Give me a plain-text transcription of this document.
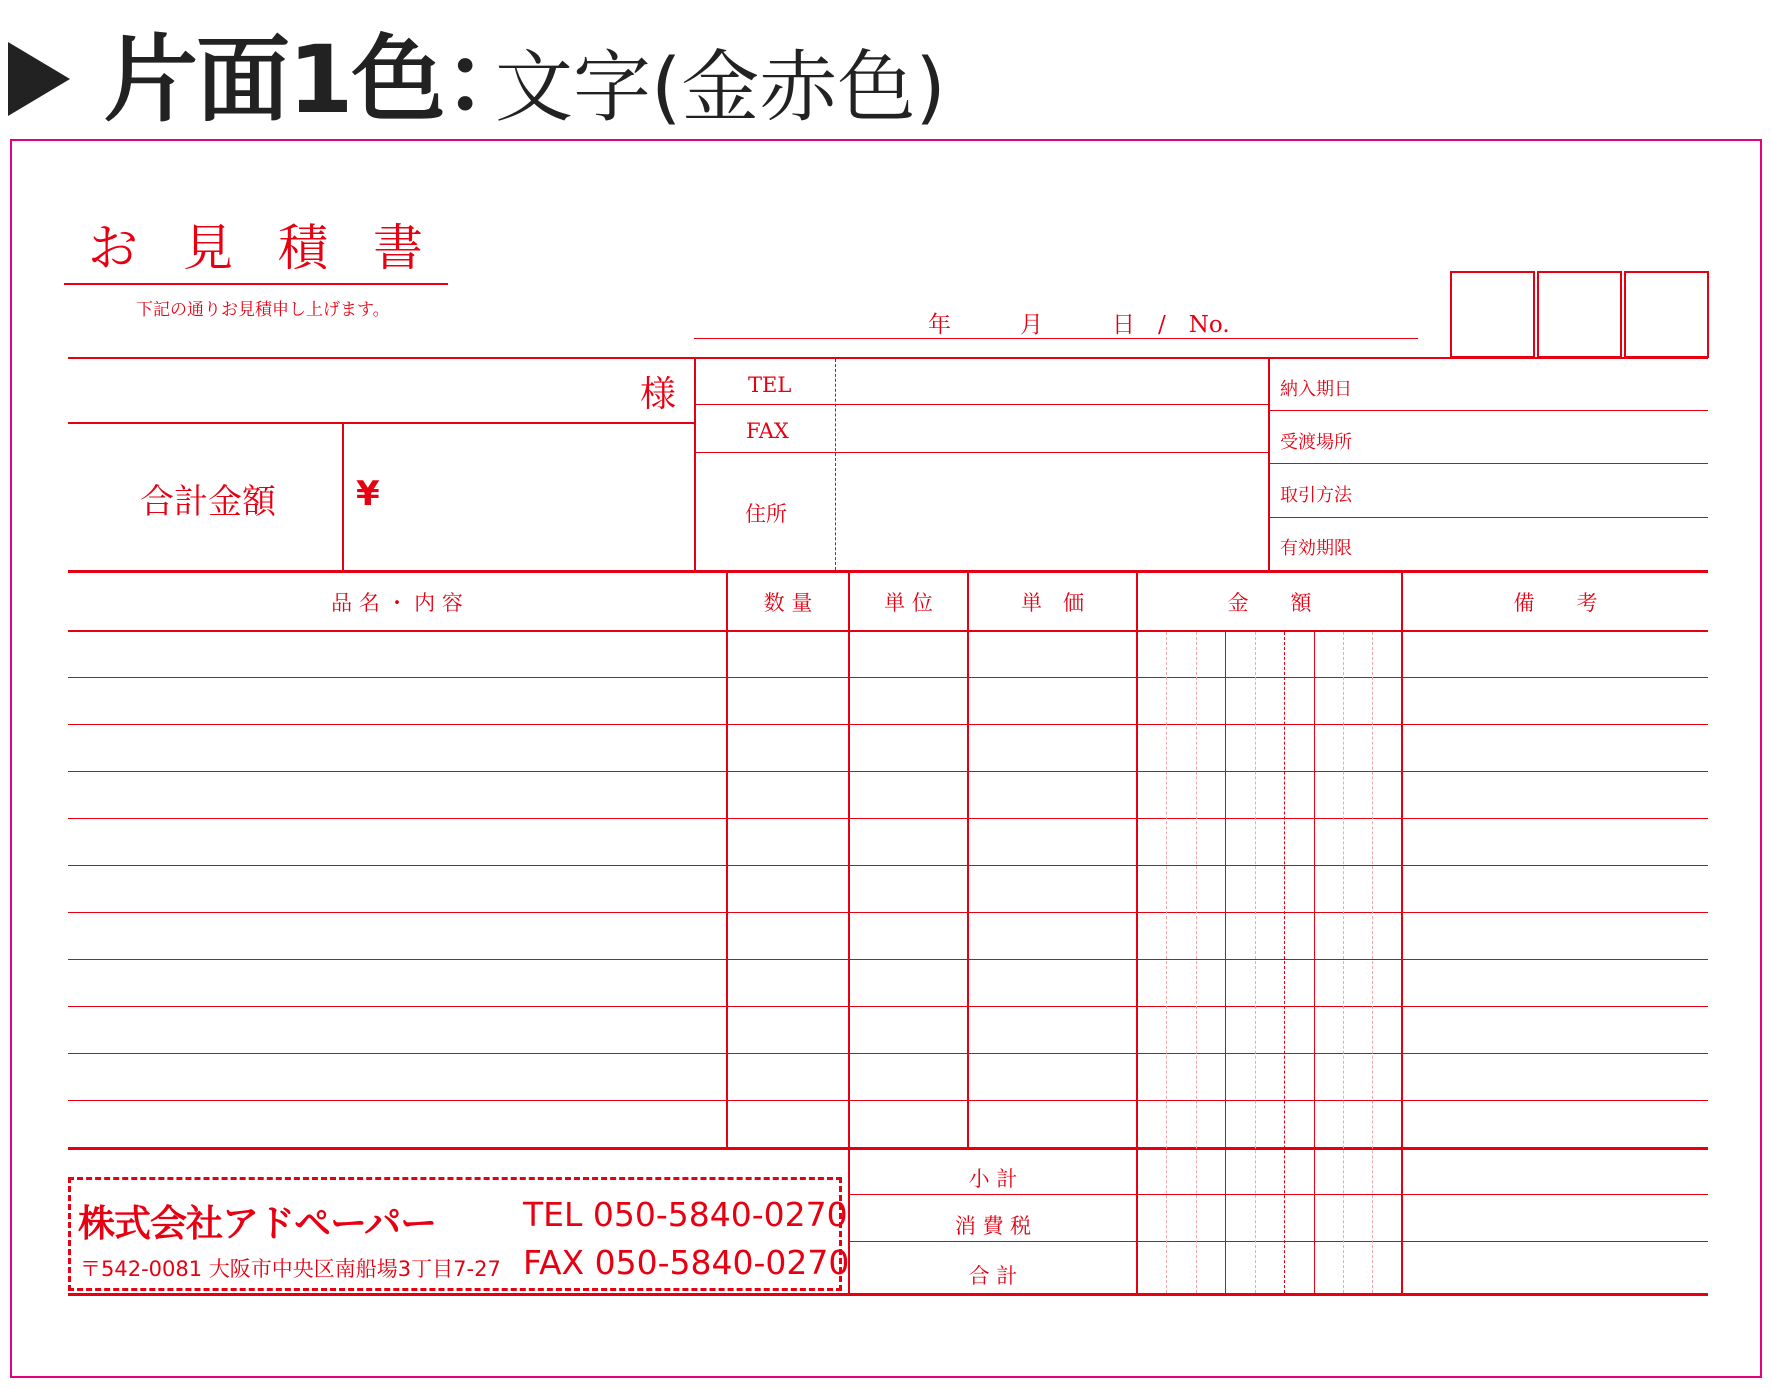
片面1色：
文字(金赤色)
お見積書
下記の通りお見積申し上げます。
年　　　月　　　日　/　No.
様
合計金額 ¥
TEL
FAX
住所
納入期日
受渡場所
取引方法
有効期限
品 名 ・ 内 容	数 量	単 位	単　価	金　　額	備　　考
小 計
消 費 税
合 計
株式会社アドペーパー
〒542-0081 大阪市中央区南船場3丁目7-27
TEL 050-5840-0270
FAX 050-5840-0270
